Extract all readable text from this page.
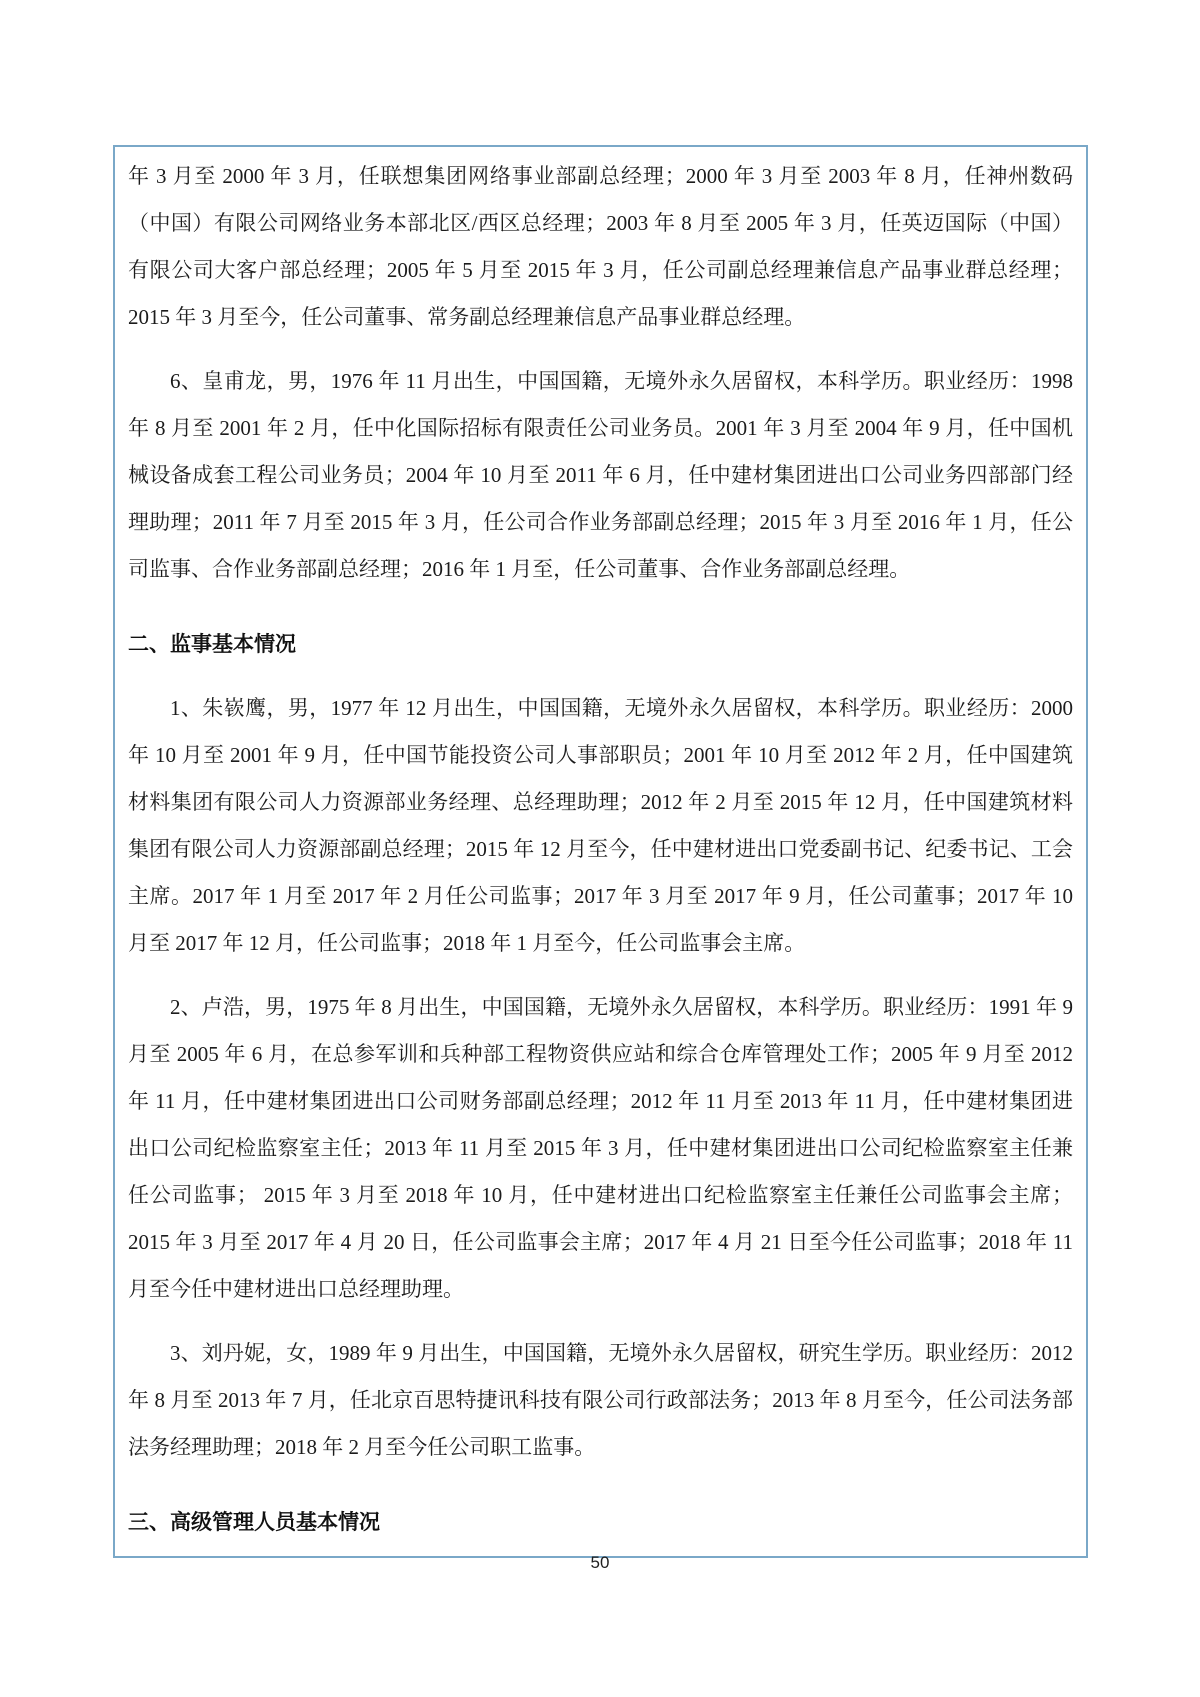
年 3 月至 2000 年 3 月，任联想集团网络事业部副总经理；2000 年 3 月至 2003 年 8 月，任神州数码（中国）有限公司网络业务本部北区/西区总经理；2003 年 8 月至 2005 年 3 月，任英迈国际（中国）有限公司大客户部总经理；2005 年 5 月至 2015 年 3 月，任公司副总经理兼信息产品事业群总经理；2015 年 3 月至今，任公司董事、常务副总经理兼信息产品事业群总经理。

6、皇甫龙，男，1976 年 11 月出生，中国国籍，无境外永久居留权，本科学历。职业经历：1998 年 8 月至 2001 年 2 月，任中化国际招标有限责任公司业务员。2001 年 3 月至 2004 年 9 月，任中国机械设备成套工程公司业务员；2004 年 10 月至 2011 年 6 月，任中建材集团进出口公司业务四部部门经理助理；2011 年 7 月至 2015 年 3 月，任公司合作业务部副总经理；2015 年 3 月至 2016 年 1 月，任公司监事、合作业务部副总经理；2016 年 1 月至，任公司董事、合作业务部副总经理。

二、监事基本情况

1、朱嵚鹰，男，1977 年 12 月出生，中国国籍，无境外永久居留权，本科学历。职业经历：2000 年 10 月至 2001 年 9 月，任中国节能投资公司人事部职员；2001 年 10 月至 2012 年 2 月，任中国建筑材料集团有限公司人力资源部业务经理、总经理助理；2012 年 2 月至 2015 年 12 月，任中国建筑材料集团有限公司人力资源部副总经理；2015 年 12 月至今，任中建材进出口党委副书记、纪委书记、工会主席。2017 年 1 月至 2017 年 2 月任公司监事；2017 年 3 月至 2017 年 9 月，任公司董事；2017 年 10 月至 2017 年 12 月，任公司监事；2018 年 1 月至今，任公司监事会主席。

2、卢浩，男，1975 年 8 月出生，中国国籍，无境外永久居留权，本科学历。职业经历：1991 年 9 月至 2005 年 6 月，在总参军训和兵种部工程物资供应站和综合仓库管理处工作；2005 年 9 月至 2012 年 11 月，任中建材集团进出口公司财务部副总经理；2012 年 11 月至 2013 年 11 月，任中建材集团进出口公司纪检监察室主任；2013 年 11 月至 2015 年 3 月，任中建材集团进出口公司纪检监察室主任兼任公司监事； 2015 年 3 月至 2018 年 10 月，任中建材进出口纪检监察室主任兼任公司监事会主席；2015 年 3 月至 2017 年 4 月 20 日，任公司监事会主席；2017 年 4 月 21 日至今任公司监事；2018 年 11 月至今任中建材进出口总经理助理。

3、刘丹妮，女，1989 年 9 月出生，中国国籍，无境外永久居留权，研究生学历。职业经历：2012 年 8 月至 2013 年 7 月，任北京百思特捷讯科技有限公司行政部法务；2013 年 8 月至今，任公司法务部法务经理助理；2018 年 2 月至今任公司职工监事。

三、高级管理人员基本情况
50
